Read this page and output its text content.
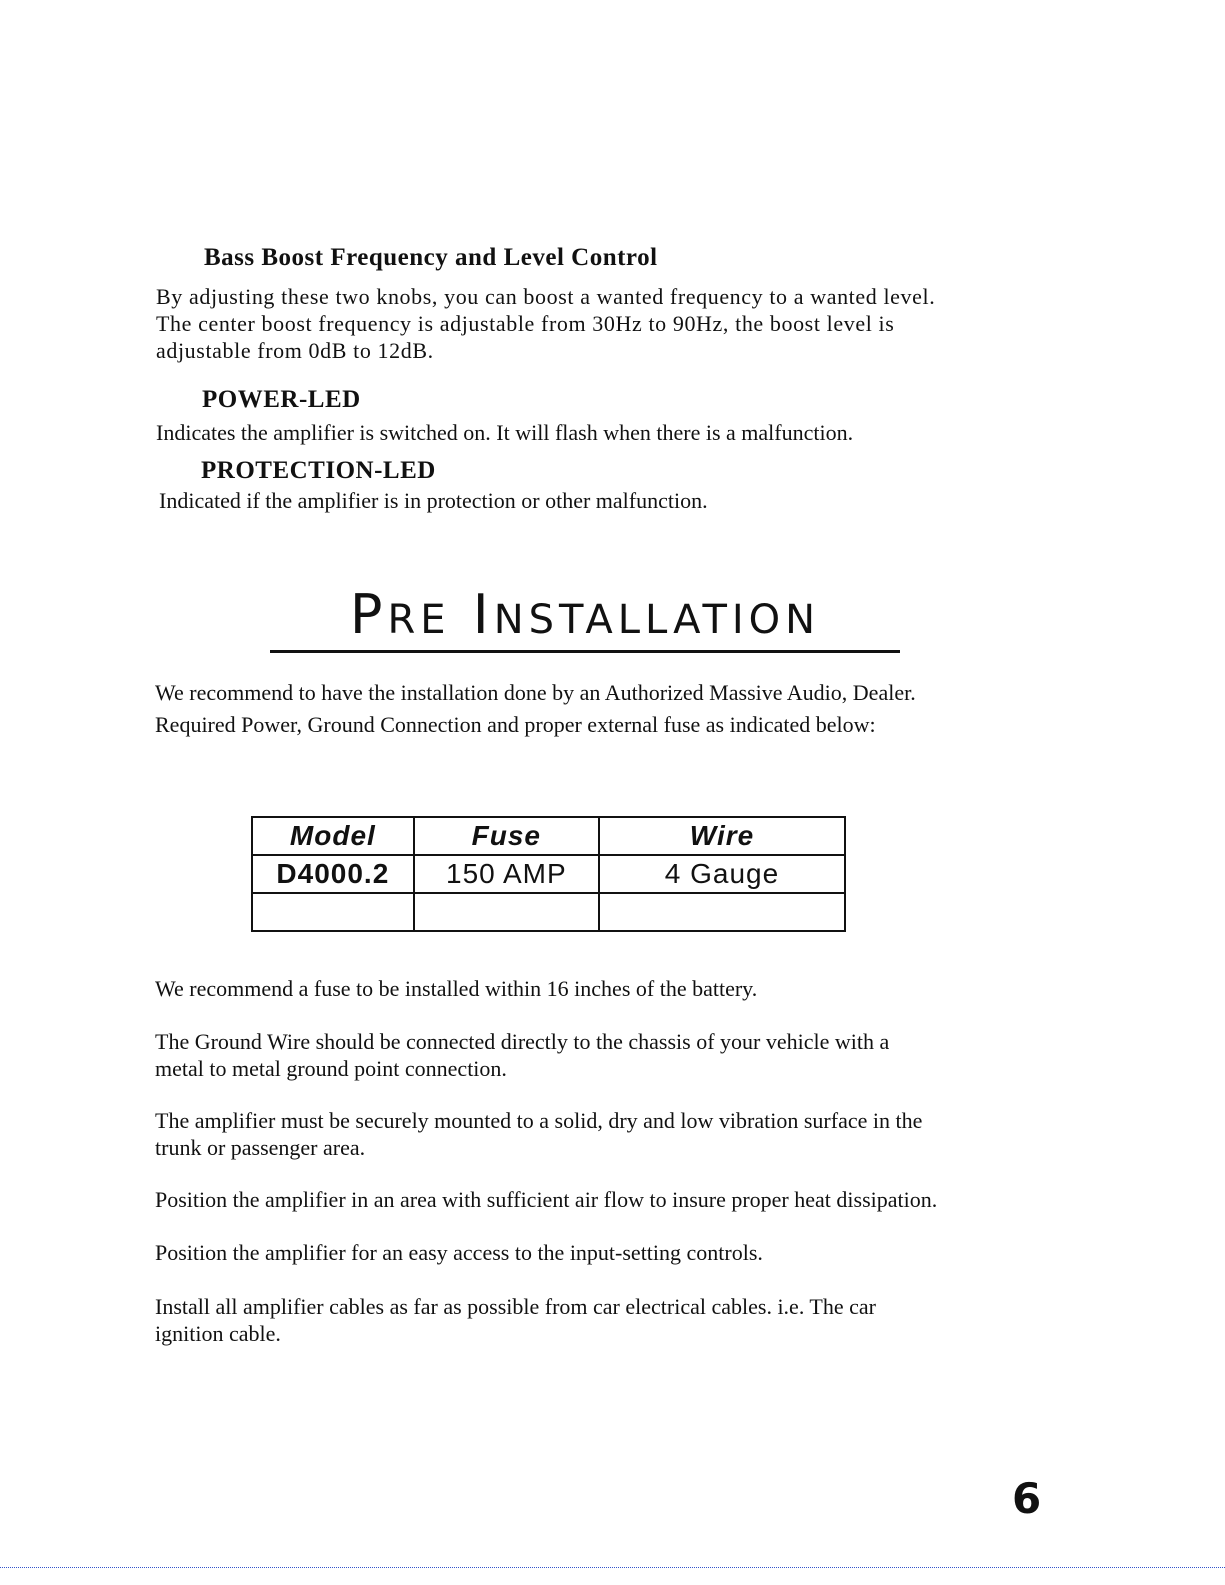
Bass Boost Frequency and Level Control
By adjusting these two knobs, you can boost a wanted frequency to a wanted level.
The center boost frequency is adjustable from 30Hz to 90Hz, the boost level is
adjustable from 0dB to 12dB.
POWER-LED
Indicates the amplifier is switched on. It will flash when there is a malfunction.
PROTECTION-LED
Indicated if the amplifier is in protection or other malfunction.
PRE INSTALLATION
We recommend to have the installation done by an Authorized Massive Audio, Dealer.
Required Power, Ground Connection and proper external fuse as indicated below:
Model	Fuse	Wire
D4000.2	150 AMP	4 Gauge

We recommend a fuse to be installed within 16 inches of the battery.
The Ground Wire should be connected directly to the chassis of your vehicle with a
metal to metal ground point connection.
The amplifier must be securely mounted to a solid, dry and low vibration surface in the
trunk or passenger area.
Position the amplifier in an area with sufficient air flow to insure proper heat dissipation.
Position the amplifier for an easy access to the input-setting controls.
Install all amplifier cables as far as possible from car electrical cables. i.e. The car
ignition cable.
6
